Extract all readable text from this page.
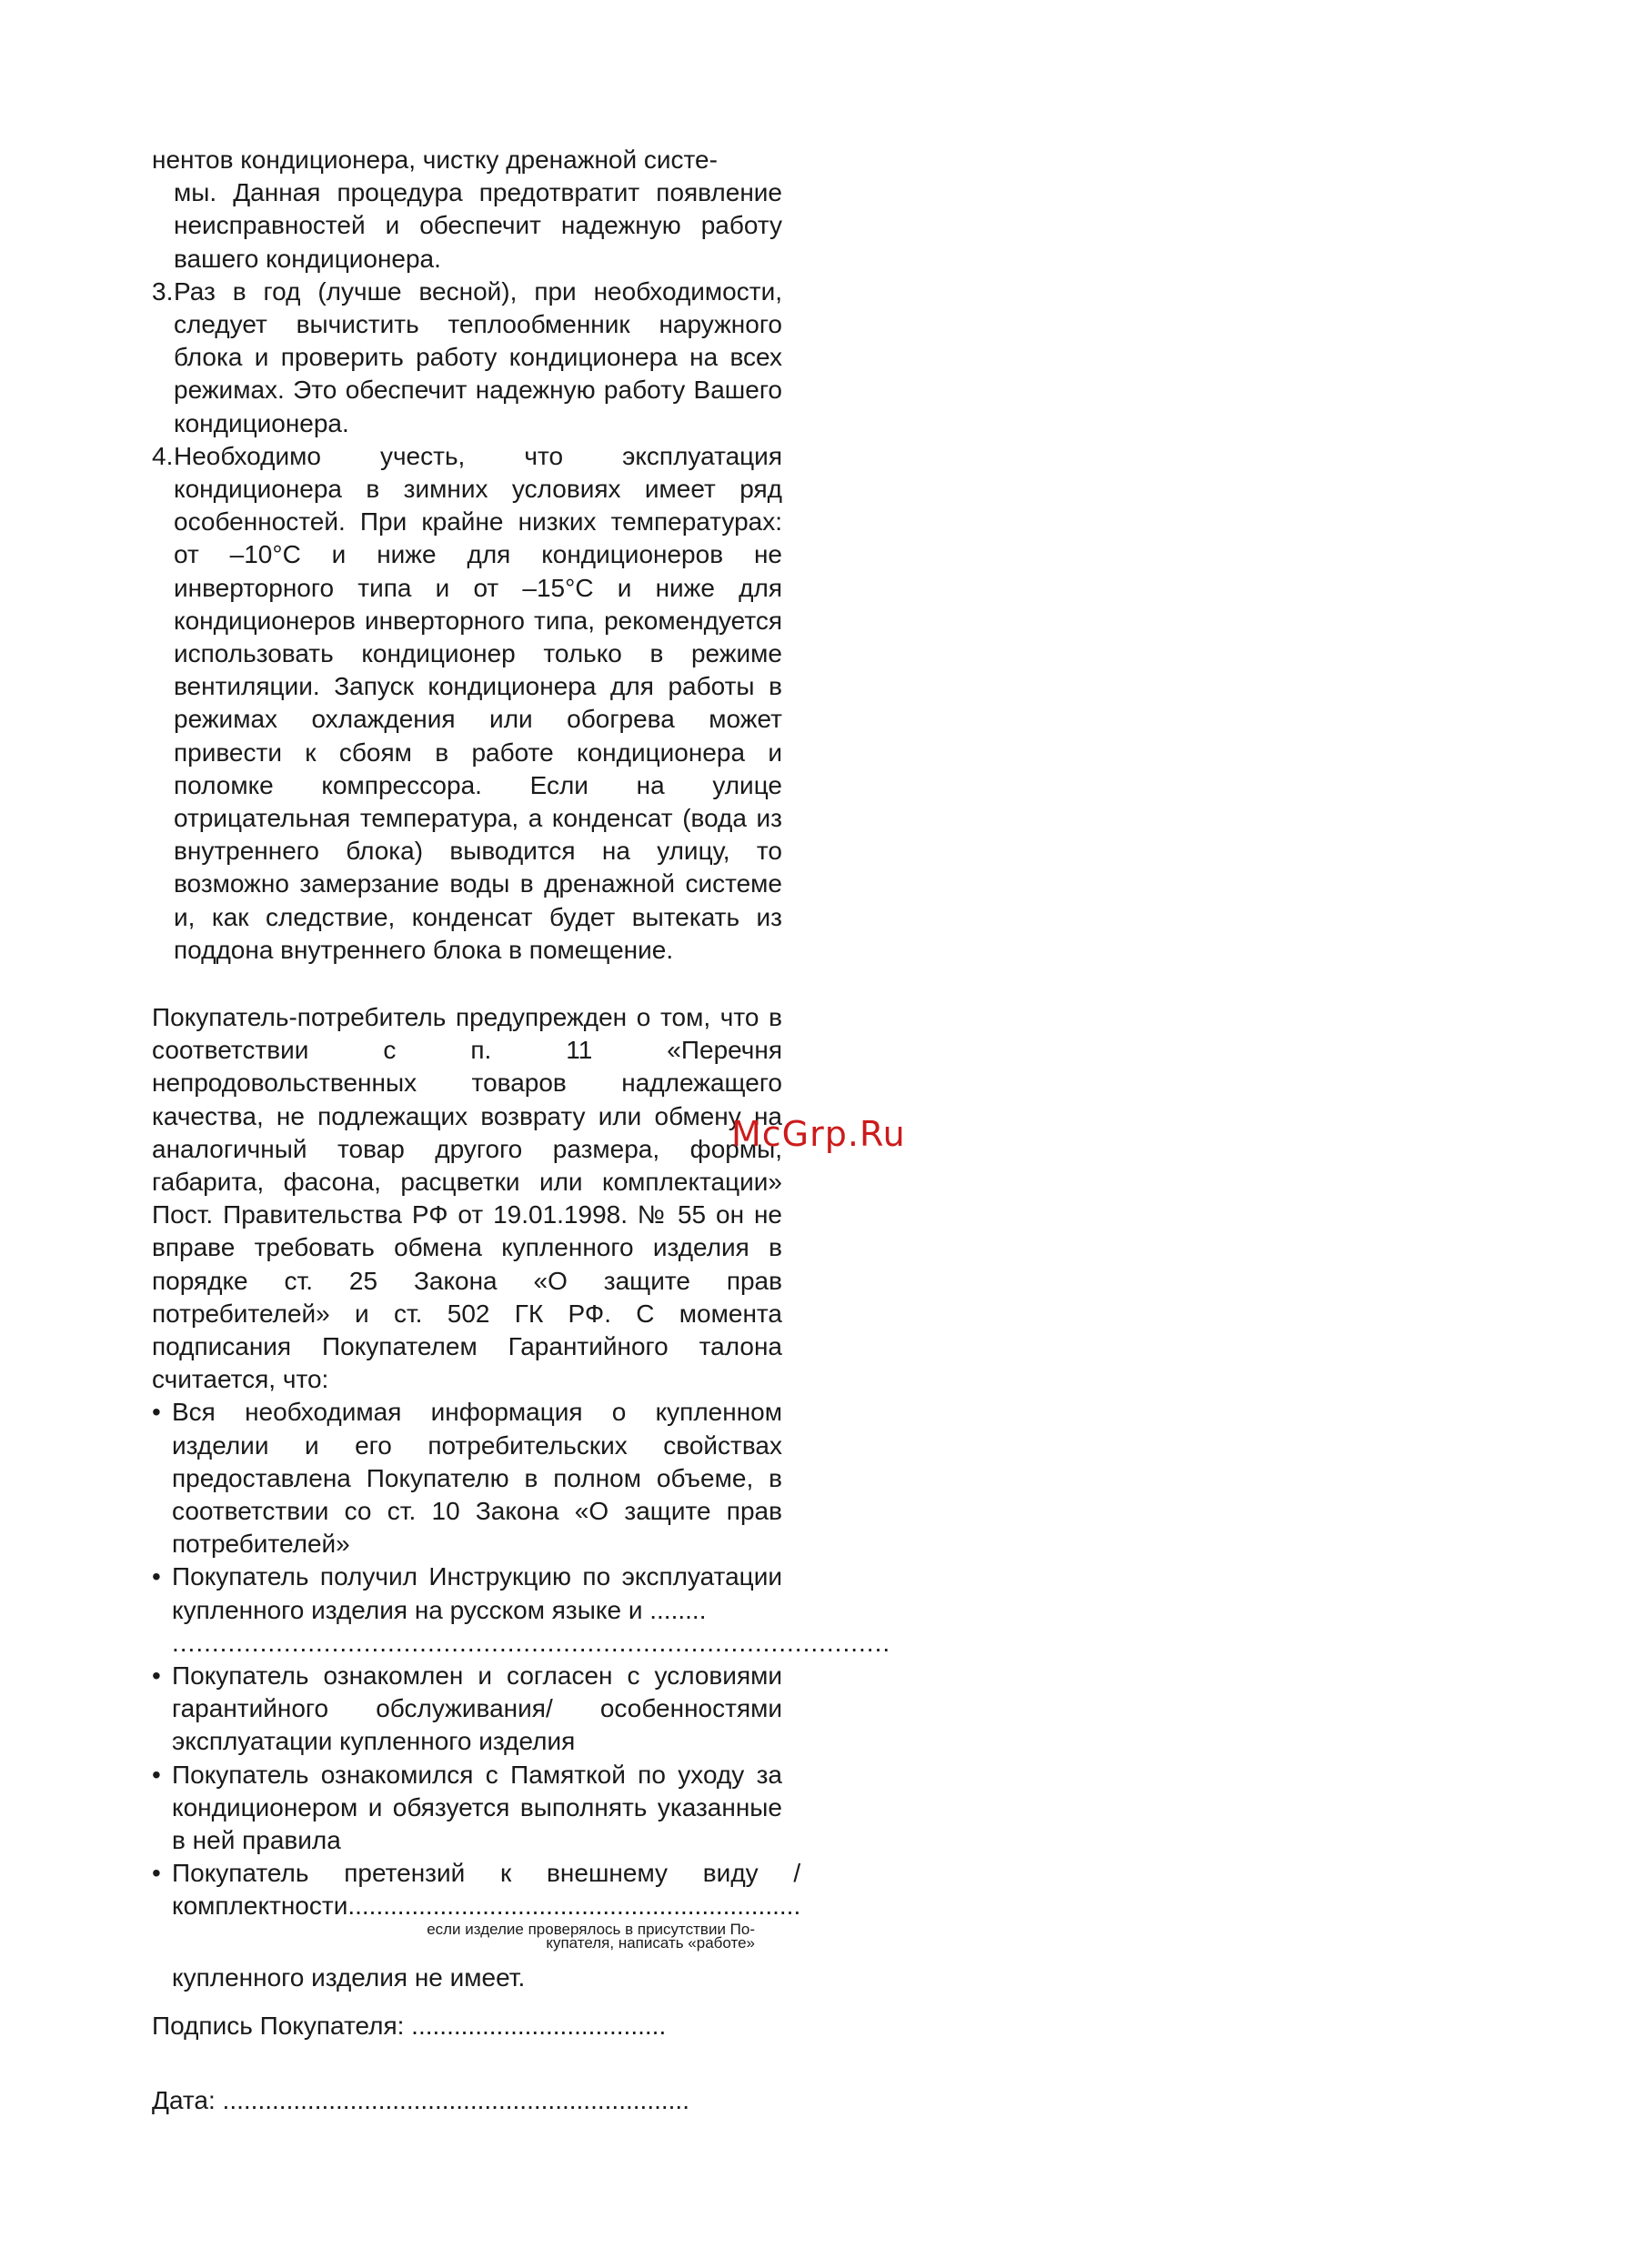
нентов кондиционера, чистку дренажной систе-

мы. Данная процедура предотвратит появление неисправностей и обеспечит надежную работу вашего кондиционера.

3. Раз в год (лучше весной), при необходимости, следует вычистить теплообменник наружного блока и проверить работу кондиционера на всех режимах. Это обеспечит надежную работу Вашего кондиционера.
4. Необходимо учесть, что эксплуатация кондиционера в зимних условиях имеет ряд особенностей. При крайне низких температурах: от –10°С и ниже для кондиционеров не инверторного типа и от –15°С и ниже для кондиционеров инверторного типа, рекомендуется использовать кондиционер только в режиме вентиляции. Запуск кондиционера для работы в режимах охлаждения или обогрева может привести к сбоям в работе кондиционера и поломке компрессора. Если на улице отрицательная температура, а конденсат (вода из внутреннего блока) выводится на улицу, то возможно замерзание воды в дренажной системе и, как следствие, конденсат будет вытекать из поддона внутреннего блока в помещение.

Покупатель-потребитель предупрежден о том, что в соответствии с п. 11 «Перечня непродовольственных товаров надлежащего качества, не подлежащих возврату или обмену на аналогичный товар другого размера, формы, габарита, фасона, расцветки или комплектации» Пост. Правительства РФ от 19.01.1998. № 55 он не вправе требовать обмена купленного изделия в порядке ст. 25 Закона «О защите прав потребителей» и ст. 502 ГК РФ. С момента подписания Покупателем Гарантийного талона считается, что:

• Вся необходимая информация о купленном изделии и его потребительских свойствах предоставлена Покупателю в полном объеме, в соответствии со ст. 10 Закона «О защите прав потребителей»
• Покупатель получил Инструкцию по эксплуатации купленного изделия на русском языке и ........
..........................................................................................
• Покупатель ознакомлен и согласен с условиями гарантийного обслуживания/ особенностями эксплуатации купленного изделия
• Покупатель ознакомился с Памяткой по уходу за кондиционером и обязуется выполнять указанные в ней правила
• Покупатель претензий к внешнему виду /комплектности................................................................
если изделие проверялось в присутствии По-
купателя, написать «работе»
купленного изделия не имеет.
Подпись Покупателя: ....................................
Дата: ..................................................................
McGrp.Ru
